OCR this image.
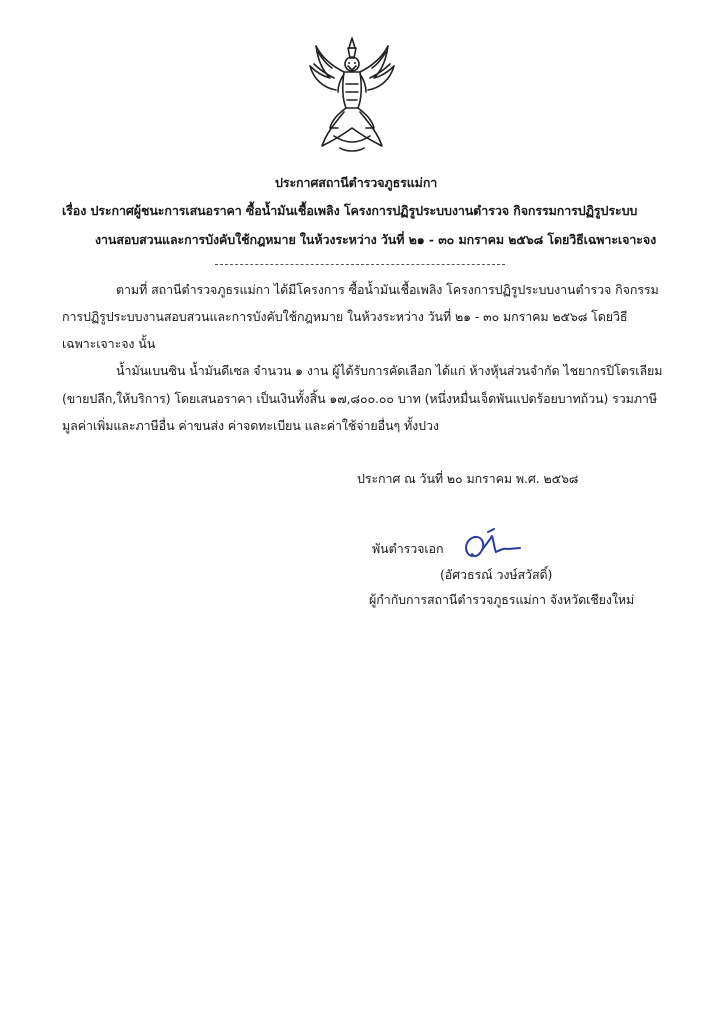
ประกาศสถานีตำรวจภูธรแม่กา
เรื่อง ประกาศผู้ชนะการเสนอราคา ซื้อน้ำมันเชื้อเพลิง โครงการปฏิรูประบบงานตำรวจ กิจกรรมการปฏิรูประบบ
งานสอบสวนและการบังคับใช้กฎหมาย ในห้วงระหว่าง วันที่ ๒๑ - ๓๐ มกราคม ๒๕๖๘ โดยวิธีเฉพาะเจาะจง
ตามที่ สถานีตำรวจภูธรแม่กา ได้มีโครงการ ซื้อน้ำมันเชื้อเพลิง โครงการปฏิรูประบบงานตำรวจ กิจกรรม
การปฏิรูประบบงานสอบสวนและการบังคับใช้กฎหมาย ในห้วงระหว่าง วันที่ ๒๑ - ๓๐ มกราคม ๒๕๖๘ โดยวิธี
เฉพาะเจาะจง นั้น
น้ำมันเบนซิน น้ำมันดีเซล จำนวน ๑ งาน ผู้ได้รับการคัดเลือก ได้แก่ ห้างหุ้นส่วนจำกัด ไชยากรปิโตรเลียม
(ขายปลีก,ให้บริการ) โดยเสนอราคา เป็นเงินทั้งสิ้น ๑๗,๘๐๐.๐๐ บาท (หนึ่งหมื่นเจ็ดพันแปดร้อยบาทถ้วน) รวมภาษี
มูลค่าเพิ่มและภาษีอื่น ค่าขนส่ง ค่าจดทะเบียน และค่าใช้จ่ายอื่นๆ ทั้งปวง
ประกาศ ณ วันที่ ๒๐ มกราคม พ.ศ. ๒๕๖๘
พันตำรวจเอก
(อัศวธรณ์ วงษ์สวัสดิ์)
ผู้กำกับการสถานีตำรวจภูธรแม่กา จังหวัดเชียงใหม่
